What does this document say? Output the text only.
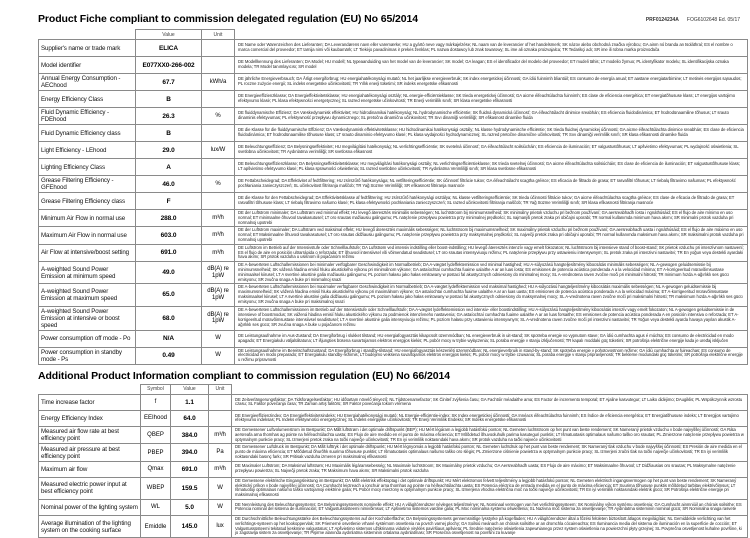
PRF0124234A FOG6102648 Ed. 05/17
Product Fiche compliant to commission delegated regulation (EU) No 65/2014
	Value	Unit	
Supplier's name or trade mark	ELICA		DE Name oder Warenzeichen des Lieferanten; DA Leverandørens navn eller varemærke; HU a gyártó neve vagy márkajelzése; NL naam van de leverancier of het handelsmerk; SK názov alebo obchodná značka výrobcu; GA ainm nó branda an tsoláthraí; ES el nombre o marca comercial del proveedor; ET tarnija nimi või kaubamärk; LT Tiekėjo pavadinimas ir prekės ženklas; PL nazwa dostawcy lub znak towarowy; SL ime ali oznaka proizvajalca; TR Tedarikçi adı; SR ime ili robna marka proizvođača
Model identifier	E077XX0-266-002		DE Modellkennung des Lieferanten; DA Model; HU modell; NL typeaanduiding van het model van de leverancier; SK model; GA leagan; ES el identificador del modelo del proveedor; ET mudeli tähis; LT modelio žymuo; PL identyfikator modelu; SL identifikacijska oznaka modela; TR Model tanımlayıcısı; SR model
Annual Energy Consumption - AEChood	67.7	kWh/a	DE jährliche Energieverbrauch; DA Årligt energiforbrug; HU energiahatékonysági mutató; NL het jaarlijkse energieverbruik; SK index energetickej účinnosti; GA ídiú fuinnimh bliantúil; ES consumo de energía anual; ET aastane energiatarbimine; LT metinės energijos sąnaudos; PL roczne zużycie energii; SL indeks energetske učinkovitosti; TR Yıllık enerji tüketimi; SR indeks energetske efikasnosti
Energy Efficiency Class	B		DE Energieeffizienzklasse; DA Energieffektivitetsklasse; HU energiahatékonysági osztály; NL energie-efficiëntieklasse; SK trieda energetickej účinnosti; GA aicme éifeachtúlachta fuinnimh; ES clase de eficiencia energética; ET energiatõhususe klass; LT energijos vartojimo efektyvumo klasė; PL klasa efektywności energetycznej; SL razred energetske učinkovitosti; TR Enerji verimlilik sınıfı; SR klasa energetske efikasnosti
Fluid Dynamic Efficiency - FDEhood	26.3	%	DE fluiddynamische Effizienz; DA Væskedynamisk effektivitet; HU hidrodinamikai hatékonyság; NL hydrodynamische efficiëntie; SK fluidná dynamická účinnosť; GA éifeachtúlacht dinimice sreabhán; ES eficiencia fluidodinámica; ET hüdrodünaamiline tõhusus; LT srauto dinaminis efektyvumas; PL efektywność przepływu dynamicznego; SL pretočna dinamična učinkovitost; TR Sıvı dinamiği verimliliği; SR efikasnost dinamike fluida
Fluid Dynamic Efficiency class	B		DE die Klasse für die fluiddynamische Effizienz; DA Væskedynamisk effektivitetsklasse; HU hidrodinamikai hatékonysági osztály; NL klasse hydrodynamische efficiëntie; SK trieda fluidnej dynamickej účinnosti; GA aicme éifeachtúlachta dinimice sreabhán; ES clase de eficiencia fluidodinámica; ET hüdrodünaamilise tõhususe klass; LT srauto dinaminio efektyvumo klasė; PL klasa wydajności hydrodynamicznej; SL razred pretočne dinamične učinkovitosti; TR Sıvı dinamiği verimlilik sınıfı; SR klasa efikasnosti dinamike fluida
Light Efficiency - LEhood	29.0	lux/W	DE Beleuchtungseffizienz; DA Belysningseffektivitet; HU megvilágítási hatékonyság; NL verlichtingsefficiëntie; SK svetelná účinnosť; GA éifeachtúlacht soilsiúcháin; ES eficiencia de iluminación; ET valgustustõhusus; LT apšvietimo efektyvumas; PL wydajność oświetlenia; SL svetlobna učinkovitost; TR Aydınlatma verimliliği; SR svetlosna efikasnost
Lighting Efficiency Class	A		DE Beleuchtungseffizienzklasse; DA Belysningseffektivitetsklasse; HU megvilágítási hatékonysági osztály; NL verlichtingsefficiëntieklasse; SK trieda svetelnej účinnosti; GA aicme éifeachtúlachta soilsiúcháin; ES clase de eficiencia de iluminación; ET valgustustõhususe klass; LT apšvietimo efektyvumo klasė; PL klasa sprawności oświetlenia; SL razred svetlobne učinkovitosti; TR Aydınlatma Verimliliği sınıfı; SR klasa svetlosne efikasnosti
Grease Filtering Efficiency - GFEhood	46.0	%	DE Fettabscheidegrad; DA Effektivitet af fedtfiltrering; HU zsírszűrő hatékonysága; NL vetfilteringsefficiëntie; SK účinnosť filtrácie tukov; GA éifeachtúlacht scagtha gréisce; ES eficacia de filtrado de grasa; ET rasvafiltri tõhusus; LT riebalų filtravimo našumas; PL efektywność pochłaniania zanieczyszczeń; SL učinkovitost filtriranja maščob; TR Yağ Süzme Verimliliği; SR efikasnost filtriranja masnoće
Grease Filtering Efficiency class	F		DE die Klasse für den Fettabscheidegrad; DA Effektivitetsklasse af fedtfiltrering; HU zsírszűrő hatékonysági osztálya; NL klasse vetfilteringsefficiëntie; SK trieda účinnosti filtrácie tukov; GA aicme éifeachtúlachta scagtha gréisce; ES clase de eficacia de filtrado de grasa; ET rasvafiltri tõhususe klass; LT riebalų filtravimo našumo klasė; PL klasa efektywności pochłaniania zanieczyszczeń; SL razred učinkovitosti filtriranja maščob; TR Yağ Süzme Verimliliği sınıfı; SR klasa efikasnosti filtriranja masnoće
Minimum Air Flow in normal use	288.0	m³/h	DE der Luftstrom minimaler; DA Luftstrøm ved minimal effekt; HU levegő áteresztés minimális sebességen; NL luchtstroom bij minimumsnelheid; SK minimálny prietok vzduchu pri bežnom používaní; GA aersreabhadh íosta i ngnáthúsáid; ES el flujo de aire mínimo en uso normal; ET minimaalne õhuvool tavakasutusel; LT oro srautas mažiausiu galingumu; PL natężenie przepływu powietrza przy minimalnej prędkości; SL najmanjši pretok zraka pri običajni uporabi; TR normal kullanımda minimum hava akımı; SR minimalni protok vazduha pri normalnoj upotrebi
Maximum Air Flow in normal use	603.0	m³/h	DE der Luftstrom maximaler; DA Luftstrøm ved maksimal effekt; HU levegő áteresztés maximális sebességen; NL luchtstroom bij maximumsnelheid; SK maximálny prietok vzduchu pri bežnom používaní; GA aersreabhadh uasta i ngnáthúsáid; ES el flujo de aire máximo en uso normal; ET Maksimaalne õhuvool tavakasutusel; LT oro srautas didžiausiu galingumu; PL natężenie przepływu powietrza przy maksymalnej prędkości; SL največji pretok zraka pri običajni uporabi; TR normal kullanımda maksimum hava akımı; SR maksimalni protok vazduha pri normalnoj upotrebi
Air Flow at intensive/boost setting	691.0	m³/h	DE Luftstrom im Betrieb auf der Intensivstufe oder Schnelllaufstufe; DA Luftstrøm ved intensiv indstilling eller boost-indstilling; HU levegő áteresztés intenzív vagy emelt fokozaton; NL luchtstroom bij intensieve stand of boost-stand; SK prietok vzduchu pri intenzívnom nastavení; ES el flujo de aire en posición ultrarrápida o reforzada; ET õhuvool intensiivsel või võimendatud seadistusel; LT oro srautas intensyviuoju režimu; PL natężenie przepływu przy ustawieniu intensywnym; SL pretok zraka pri intenzivni nastavitvi; TR En yoğun veya destekli ayardaki hava akımı; SR protok vazduha u usisnom ili pojačanom režimu
A-weighted Sound Power Emission at minimum speed	49.0	dB(A) re 1pW	DE A-bewerteten Luftschallemissionen bei minimaler verfügbarer Geschwindigkeit im Normalbetrieb; DA A-vægtet lydeffektemission ved minimal hastighed; HU A-súlyozású hangteljesítmény kibocsátás minimális sebességen; NL A-gewogen geluidsemissie bij minimumsnelheid; SK vážená hladina emisií hluku akustického výkonu pri minimálnom výkone; GA astaíochtaí cumhachta fuaime ualaithe A ar an luas íosta; ES emisiones de potencia acústica ponderada A a la velocidad mínima; ET A-korrigeeritud müravõimsustase minimaalsel kiirusel; LT A svertinė akustinė galia mažiausiu galingumu; PL poziom hałasu jako hałas emitowany w postaci fal akustycznych odniesiony do minimalnej mocy; SL A-vrednotena raven zvočne moči pri minimalni hitrosti; TR minimum hızda A-ağırlıklı ses gücü emisyonu; SR zvučna snaga A buke pri minimalnoj snazi
A-weighted Sound Power Emission at maximum speed	65.0	dB(A) re 1pW	DE A-bewerteten Luftschallemissionen bei maximaler verfügbarer Geschwindigkeit im Normalbetrieb; DA A-vægtet lydeffektemission ved maksimal hastighed; HU A-súlyozású hangteljesítmény kibocsátás maximális sebességen; NL A-gewogen geluidsemissie bij maximumsnelheid; SK vážená hladina emisií hluku akustického výkonu pri maximálnom výkone; GA astaíochtaí cumhachta fuaime ualaithe A ar an luas uasta; ES emisiones de potencia acústica ponderada A a la velocidad máxima; ET A-korrigeeritud müravõimsustase maksimaalsel kiirusel; LT A svertinė akustinė galia didžiausiu galingumu; PL poziom hałasu jako hałas emitowany w postaci fal akustycznych odniesiony do maksymalnej mocy; SL A-vrednotena raven zvočne moči pri maksimalni hitrosti; TR maksimum hızda A-ağırlıklı ses gücü emisyonu; SR zvučna snaga A buke pri maksimalnoj snazi
A-weighted Sound Power Emission at intensive or boost speed	68.0	dB(A) re 1pW	DE A-bewerteten Luftschallemissionen im Betrieb auf der Intensivstufe oder Schnelllaufstufe; DA A-vægtet lydeffektemission ved intensiv- eller boostindstilling; HU A-súlyozású hangteljesítmény kibocsátás intenzív vagy emelt fokozaton; NL A-gewogen geluidsemissie in de intensieve of boostmodus; SK vážená hladina emisií hluku akustického výkonu za podmienok intenzívneho nastavenia; GA astaíochtaí cumhachta fuaime ualaithe A ar an luas forsaithe; ES emisiones de potencia acústica ponderada A en posición intensiva o reforzada; ET A-korrigeeritud müravõimsustase intensiivsel seadistusel; LT A svertinė akustinė galia intensyviuoju režimu; PL poziom hałasu przy ustawieniu intensywnym; SL A-vrednotena raven zvočne moči pri intenzivni nastavitvi; TR Yoğun veya destekli ayarda havaya yayılan akustik A-ağırlıklı ses gücü; SR zvučna snaga A buke u pojačanom režimu
Power consumption off mode - Po	N/A	W	DE Leistungsaufnahme im Aus-Zustand; DA Energiforbrug i slukket tilstand; HU energiafogyasztás kikapcsolt üzemmódban; NL energieverbruik in uit-stand; SK spotreba energie vo vypnutom stave; GA ídiú cumhachta agus é múchta; ES consumo de electricidad en modo apagado; ET Energiakulu väljalülitatuna; LT išjungties būsena suvartojamos elektros energijos kiekis; PL pobór mocy w trybie wyłączenia; SL poraba energije v stanju izključenosti; TR kapalı moddaki güç tüketimi; SR potrošnja električne energije kada je uređaj isključen
Power consumption in standby mode - Ps	0.49	W	DE Leistungsaufnahme im Bereitschaftszustand; DA Energiforbrug i standby-tilstand; HU energiafogyasztás készenléti üzemmódban; NL energieverbruik in stand-by-stand; SK spotreba energie v pohotovostnom režime; GA ídiú cumhachta ar fuireachas; ES consumo de electricidad en modo preparado; ET Energiakulu standby-režiimis; LT budėjimo veiksena suvartojamos elektros energijos kiekis; PL pobór mocy w trybie czuwania; SL poraba energije v stanju pripravljenosti; TR bekleme modundaki güç tüketimi; SR potrošnja električne energije u režimu pripravnosti
Additional Product Information compliant to commission regulation (EU) No 66/2014
	Symbol	Value	Unit	
Time increase factor	f	1.1		DE Zeitverlängerungsfaktor; DA Tidsforøgelsesfaktor; HU időtartam növelő tényező; NL Tijdstoenamefactor; SK Činiteľ zvýšenia času; GA Fachtóir méadaithe ama; ES Factor de incremento temporal; ET Ajaline kasvutegur; LT Laiko didėjimo; DAugiklis; PL Współczynnik wzrostu czasu; SL Faktor povečanja časa; TR Zaman artış faktörü; SR Faktor povećanja tokom vremena
Energy Efficiency Index	EEIhood	64.0		DE Energieeffizienzindex; DA Energieffektivitetsindeks; HU Energiahatékonysági mutató; NL Energie-efficiëntie-index; SK Index energetickej účinnosti; GA Innéacs éifeachtúlachta fuinnimh; ES Índice de eficiencia energética; ET Energiatõhususe indeks; LT Energijos vartojimo efektyvumo indeksas; PL Indeks efektywności energetycznej; SL Indeks energijske učinkovitosti; TR Enerji Verimlilik Endeksi; SR Indeks energetske efikasnosti
Measured air flow rate at best efficiency point	QBEP	384.0	m³/h	DE Gemessener Luftvolumenstrom im Bestpunkt; DA Målt luftstrøm i det optimale driftspunkt (BEP); HU Mért légáram a legjobb hatásfokú ponton; NL Gemeten luchtstroom op het punt van beste rendement; SK Nameraný prietok vzduchu v bode najvyššej účinnosti; GA Ráta aersreafa arna thomhas ag pointe na héifeachtúlachta uasta; ES Flujo de aire medido en el punto de máxima eficiencia; ET Mõõdetud õhuvooluhulk parima kasuteguri punktis; LT Išmatuotasis optimalaus našumo taško oro srautas; PL Zmierzone natężenie przepływu powietrza w optymalnym punkcie pracy; SL Izmerjeni pretok zraka na točki največje učinkovitosti; TR En iyi verimlilik noktasındaki hava akımı; SR protok vazduha na tački najveće učinkovitosti
Measured air pressure at best efficiency point	PBEP	394.0	Pa	DE Gemessener Luftdruck im Bestpunkt; DA Målt lufttryk i det optimale driftspunkt; HU Mért légnyomás a legjobb hatásfokú ponton; NL Gemeten luchtdruk op het punt van beste rendement; SK Nameraný tlak vzduchu v bode najvyššej účinnosti; ES Presión de aire medida en el punto de máxima eficiencia; ET Mõõdetud õhurõhk suurima tõhususe punktis; LT Išmatuotasis optimalaus našumo taško oro slėgis; PL Zmierzone ciśnienie powietrza w optymalnym punkcie pracy; SL Izmerjeni zračni tlak na točki največje učinkovitosti; TR En iyi verimlilik noktasındaki basınç farkı; SR Pritisak vazduha izmeren pri maksimalnoj efikasnosti
Maximum air flow	Qmax	691.0	m³/h	DE Maximaler Luftstrom; DA Maksimal luftstrøm; HU Maximális légáramsebesség; NL Maximale luchtstroom; SK Maximálny prietok vzduchu; GA Aersreabhadh uasta; ES Flujo de aire máximo; ET Maksimaalne õhuvool; LT Didžiausias oro srautas; PL Maksymalne natężenie przepływu powietrza; SL Največji pretok zraka; TR Maksimum hava akımı; SR Maksimalni protok vazduha
Measured electric power input at best efficiency point	WBEP	159.5	W	DE Gemessene elektrische Eingangsleistung im Bestpunkt; DA Målt elektrisk effektoptag i det optimale driftspunkt; HU Mért elektromos felvett teljesítmény a legjobb hatásfokú ponton; NL Gemeten elektrisch ingangsvermogen op het punt van beste rendement; SK Nameraný elektrický príkon v bode najvyššej účinnosti; GA Cumhacht leictreach a ionchuir arna thomhas ag pointe na héifeachtúlachta uasta; ES Potencia eléctrica de entrada medida en el punto de máxima eficiencia; ET Suurima tõhususe punktis mõõdetud tarbitav elektrivõimsus; LT Išmatuotoji optimalaus našumo taško vartojamoji elektrinė galia; PL Pobór mocy mierzony w optymalnym punkcie pracy; SL Izmerjena vhodna električna moč na točki največje učinkovitosti; TR En iyi verimlilik noktasındaki elektrik gücü; SR Potrošnja električne energije pri maksimalnoj efikasnosti
Nominal power of the lighting system	WL	5.0	W	DE Nennleistung des Beleuchtungssystems; DA Belysningssystemets nominelle effekt; HU A világítórendszer névleges teljesítménye; NL Nominaal vermogen van het verlichtingssysteem; SK Nominálny výkon systému osvetlenia; GA Cumhacht ainmniúil an chórais soilsithe; ES Potencia nominal del sistema de iluminación; ET Valgustussüsteemi nimivõimsus; LT Apšvietimo sistemos vardinė galia; PL Moc nominalna systemu oświetlenia; SL Nazivna moč sistema za osvetljevanje; TR Aydınlatma sisteminin nominal gücü; SR Nominalna snaga rasvete
Average illumination of the lighting system on the cooking surface	Emiddle	145.0	lux	DE Durchschnittliche Beleuchtungsstärke des Beleuchtungssystems auf der Kochoberfläche; DA Belysningssystemets gennemsnitlige lysstyrke på kogefladen; HU A világítórendszer által a főzési felületen biztosított átlagos megvilágítás; NL Gemiddelde verlichting van het verlichtings-systeem op het kookoppervlak; SK Priemerné osvetlenie vrhané systémom osvetlenia na povrch varnej plochy; GA Soilsiú meánach an chórais soilsithe ar an dromchla cócaireachta; ES Iluminancia media del sistema de iluminación en la superficie de cocción; ET Valgustussüsteemi tekitatud keskmine valgustatus; LT Apšvietimo sistemos užtikrinama vidutinė viryklės paviršiaus apšvieta; PL Średnie natężenie oświetlenia zapewnianego przez system oświetlenia na powierzchni płyty grzejnej; SL Povprečna osvetljenost kuhalne površine, ki jo zagotavlja sistem za osvetljevanje; TR Pişirme alanında aydınlatma sisteminin ortalama aydınlatması; SR Prosečna osvetljenost na površini za kuvanje
